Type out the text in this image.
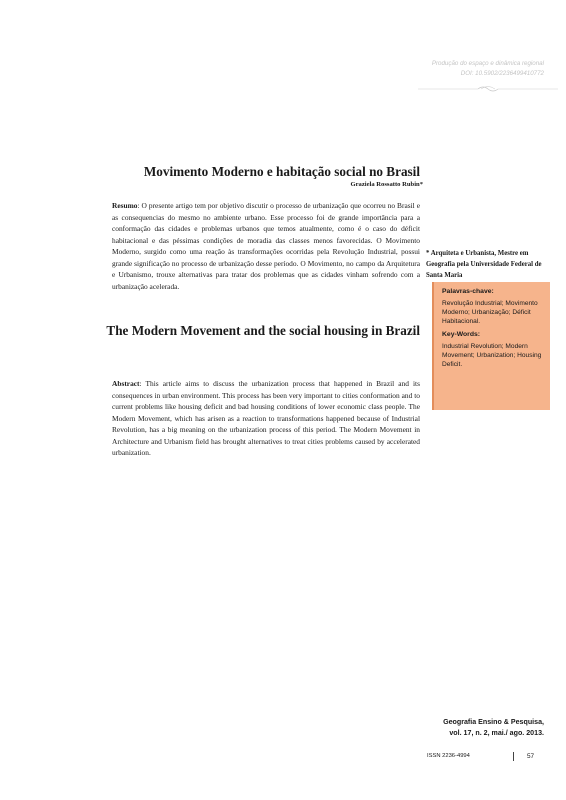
Produção do espaço e dinâmica regional
DOI: 10.5902/2236499410772
Movimento Moderno e habitação social no Brasil
Graziela Rossatto Rubin*
Resumo: O presente artigo tem por objetivo discutir o processo de urbanização que ocorreu no Brasil e as consequencias do mesmo no ambiente urbano. Esse processo foi de grande importância para a conformação das cidades e problemas urbanos que temos atualmente, como é o caso do déficit habitacional e das péssimas condições de moradia das classes menos favorecidas. O Movimento Moderno, surgido como uma reação às transformações ocorridas pela Revolução Industrial, possui grande significação no processo de urbanização desse período. O Movimento, no campo da Arquitetura e Urbanismo, trouxe alternativas para tratar dos problemas que as cidades vinham sofrendo com a urbanização acelerada.
* Arquiteta e Urbanista, Mestre em Geografia pela Universidade Federal de Santa Maria
Palavras-chave:
Revolução Industrial; Movimento Moderno; Urbanização; Déficit Habitacional.
Key-Words:
Industrial Revolution; Modern Movement; Urbanization; Housing Deficit.
The Modern Movement and the social housing in Brazil
Abstract: This article aims to discuss the urbanization process that happened in Brazil and its consequences in urban environment. This process has been very important to cities conformation and to current problems like housing deficit and bad housing conditions of lower economic class people. The Modern Movement, which has arisen as a reaction to transformations happened because of Industrial Revolution, has a big meaning on the urbanization process of this period. The Modern Movement in Architecture and Urbanism field has brought alternatives to treat cities problems caused by accelerated urbanization.
Geografia Ensino & Pesquisa,
vol. 17, n. 2, mai./ ago. 2013.
ISSN 2236-4994	57
